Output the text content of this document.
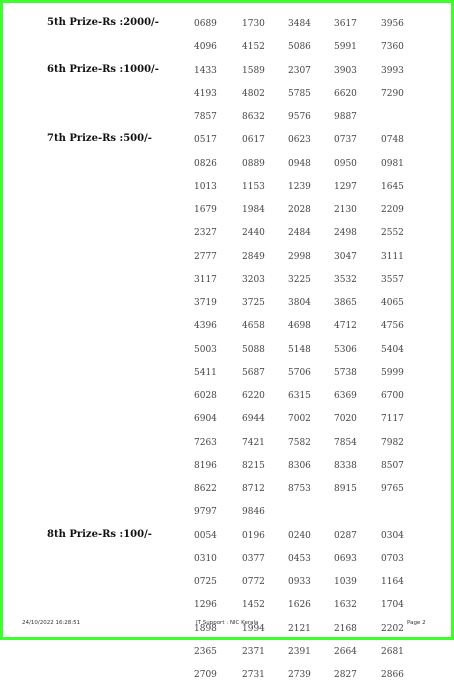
5th Prize-Rs :2000/-	0689	1730	3484	3617	3956
4096	4152	5086	5991	7360
6th Prize-Rs :1000/-	1433	1589	2307	3903	3993
4193	4802	5785	6620	7290
7857	8632	9576	9887
7th Prize-Rs :500/-	0517	0617	0623	0737	0748
0826	0889	0948	0950	0981
1013	1153	1239	1297	1645
1679	1984	2028	2130	2209
2327	2440	2484	2498	2552
2777	2849	2998	3047	3111
3117	3203	3225	3532	3557
3719	3725	3804	3865	4065
4396	4658	4698	4712	4756
5003	5088	5148	5306	5404
5411	5687	5706	5738	5999
6028	6220	6315	6369	6700
6904	6944	7002	7020	7117
7263	7421	7582	7854	7982
8196	8215	8306	8338	8507
8622	8712	8753	8915	9765
9797	9846
8th Prize-Rs :100/-	0054	0196	0240	0287	0304
0310	0377	0453	0693	0703
0725	0772	0933	1039	1164
1296	1452	1626	1632	1704
1898	1994	2121	2168	2202
2365	2371	2391	2664	2681
2709	2731	2739	2827	2866
24/10/2022 16:28:51	IT Support : NIC Kerala	Page 2
